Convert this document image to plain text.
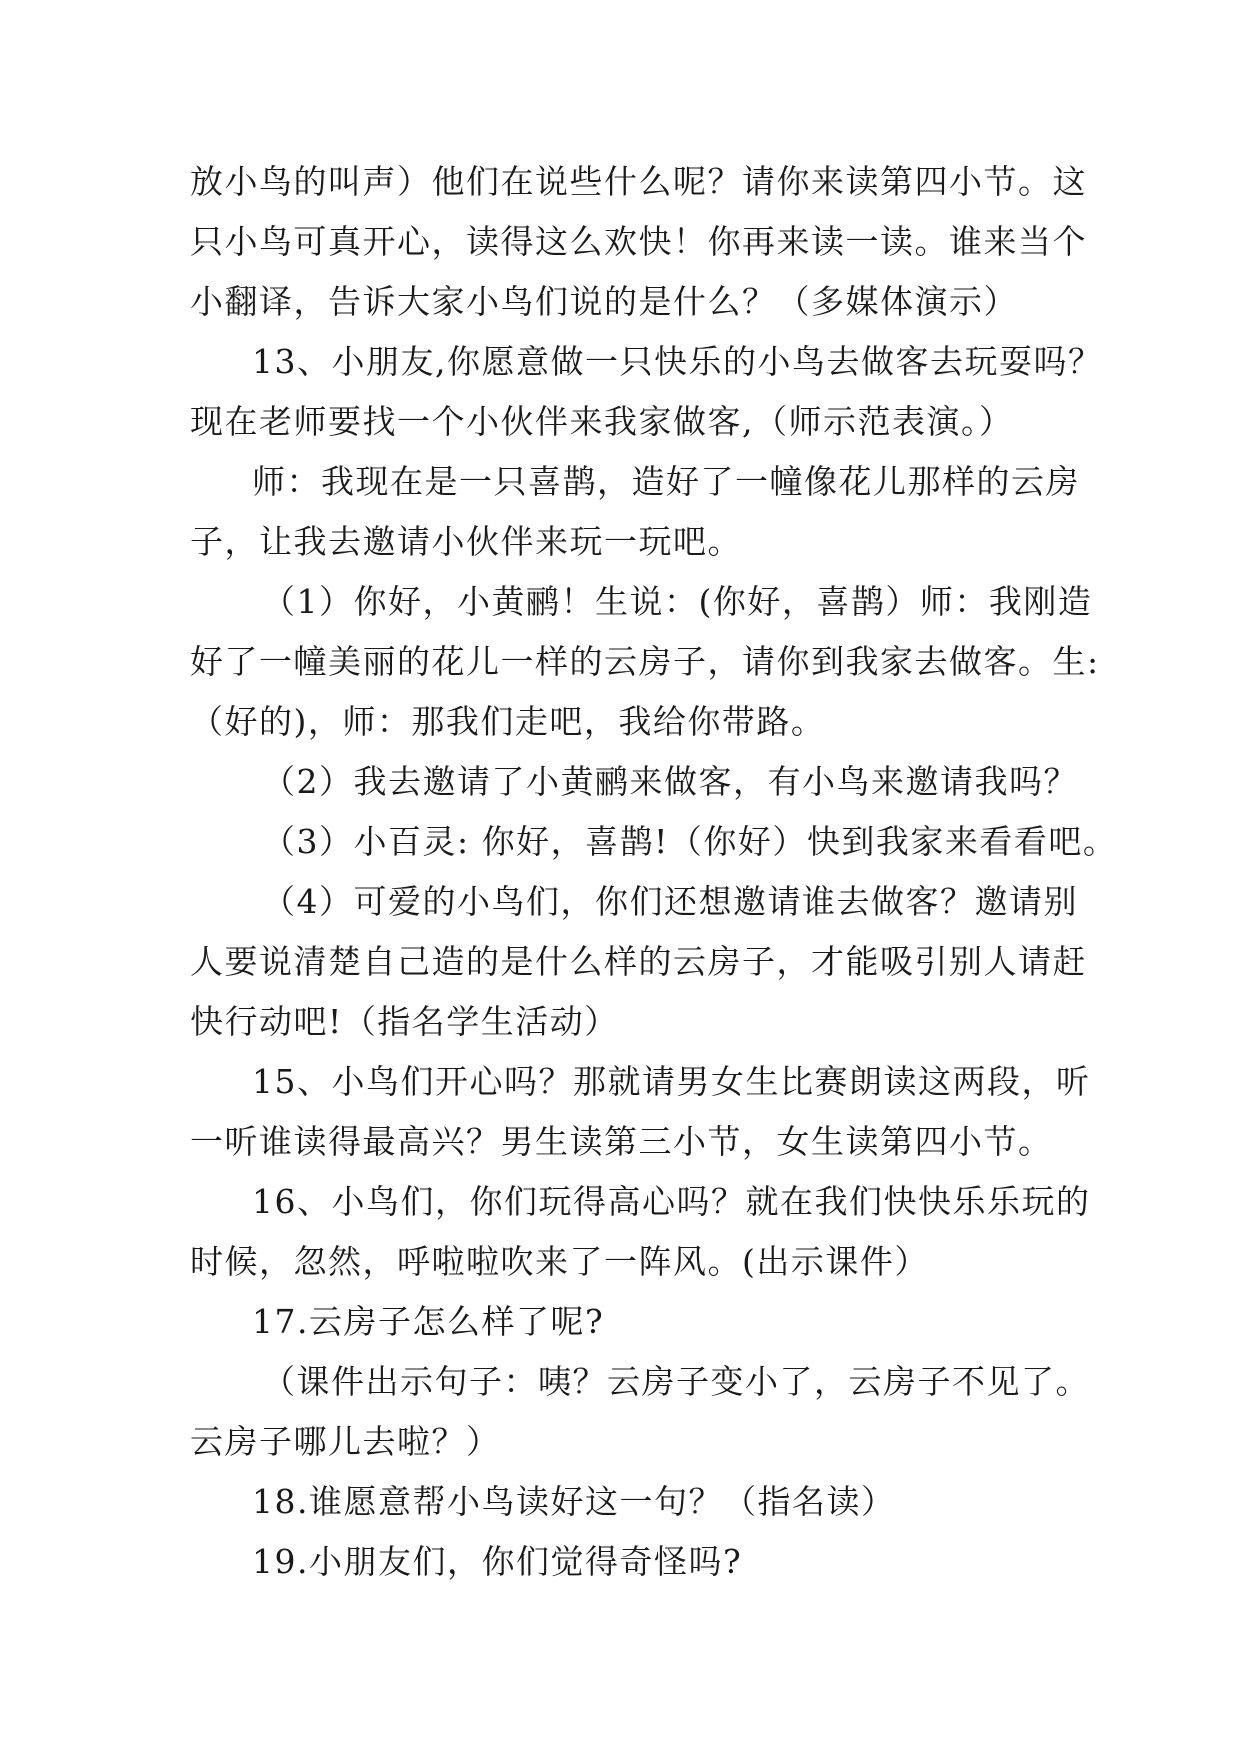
放小鸟的叫声）他们在说些什么呢？请你来读第四小节。这
只小鸟可真开心，读得这么欢快！你再来读一读。谁来当个
小翻译，告诉大家小鸟们说的是什么？（多媒体演示）
13、小朋友,你愿意做一只快乐的小鸟去做客去玩耍吗？
现在老师要找一个小伙伴来我家做客,（师示范表演。）
师：我现在是一只喜鹊，造好了一幢像花儿那样的云房
子，让我去邀请小伙伴来玩一玩吧。
（1）你好，小黄鹂！生说：(你好，喜鹊）师：我刚造
好了一幢美丽的花儿一样的云房子，请你到我家去做客。生:
（好的)，师：那我们走吧，我给你带路。
（2）我去邀请了小黄鹂来做客，有小鸟来邀请我吗？
（3）小百灵: 你好，喜鹊!（你好）快到我家来看看吧。
（4）可爱的小鸟们，你们还想邀请谁去做客？邀请别
人要说清楚自己造的是什么样的云房子，才能吸引别人请赶
快行动吧!（指名学生活动）
15、小鸟们开心吗？那就请男女生比赛朗读这两段，听
一听谁读得最高兴？男生读第三小节，女生读第四小节。
16、小鸟们，你们玩得高心吗？就在我们快快乐乐玩的
时候，忽然，呼啦啦吹来了一阵风。(出示课件）
17.云房子怎么样了呢?
（课件出示句子：咦？云房子变小了，云房子不见了。
云房子哪儿去啦？）
18.谁愿意帮小鸟读好这一句？（指名读）
19.小朋友们，你们觉得奇怪吗?
